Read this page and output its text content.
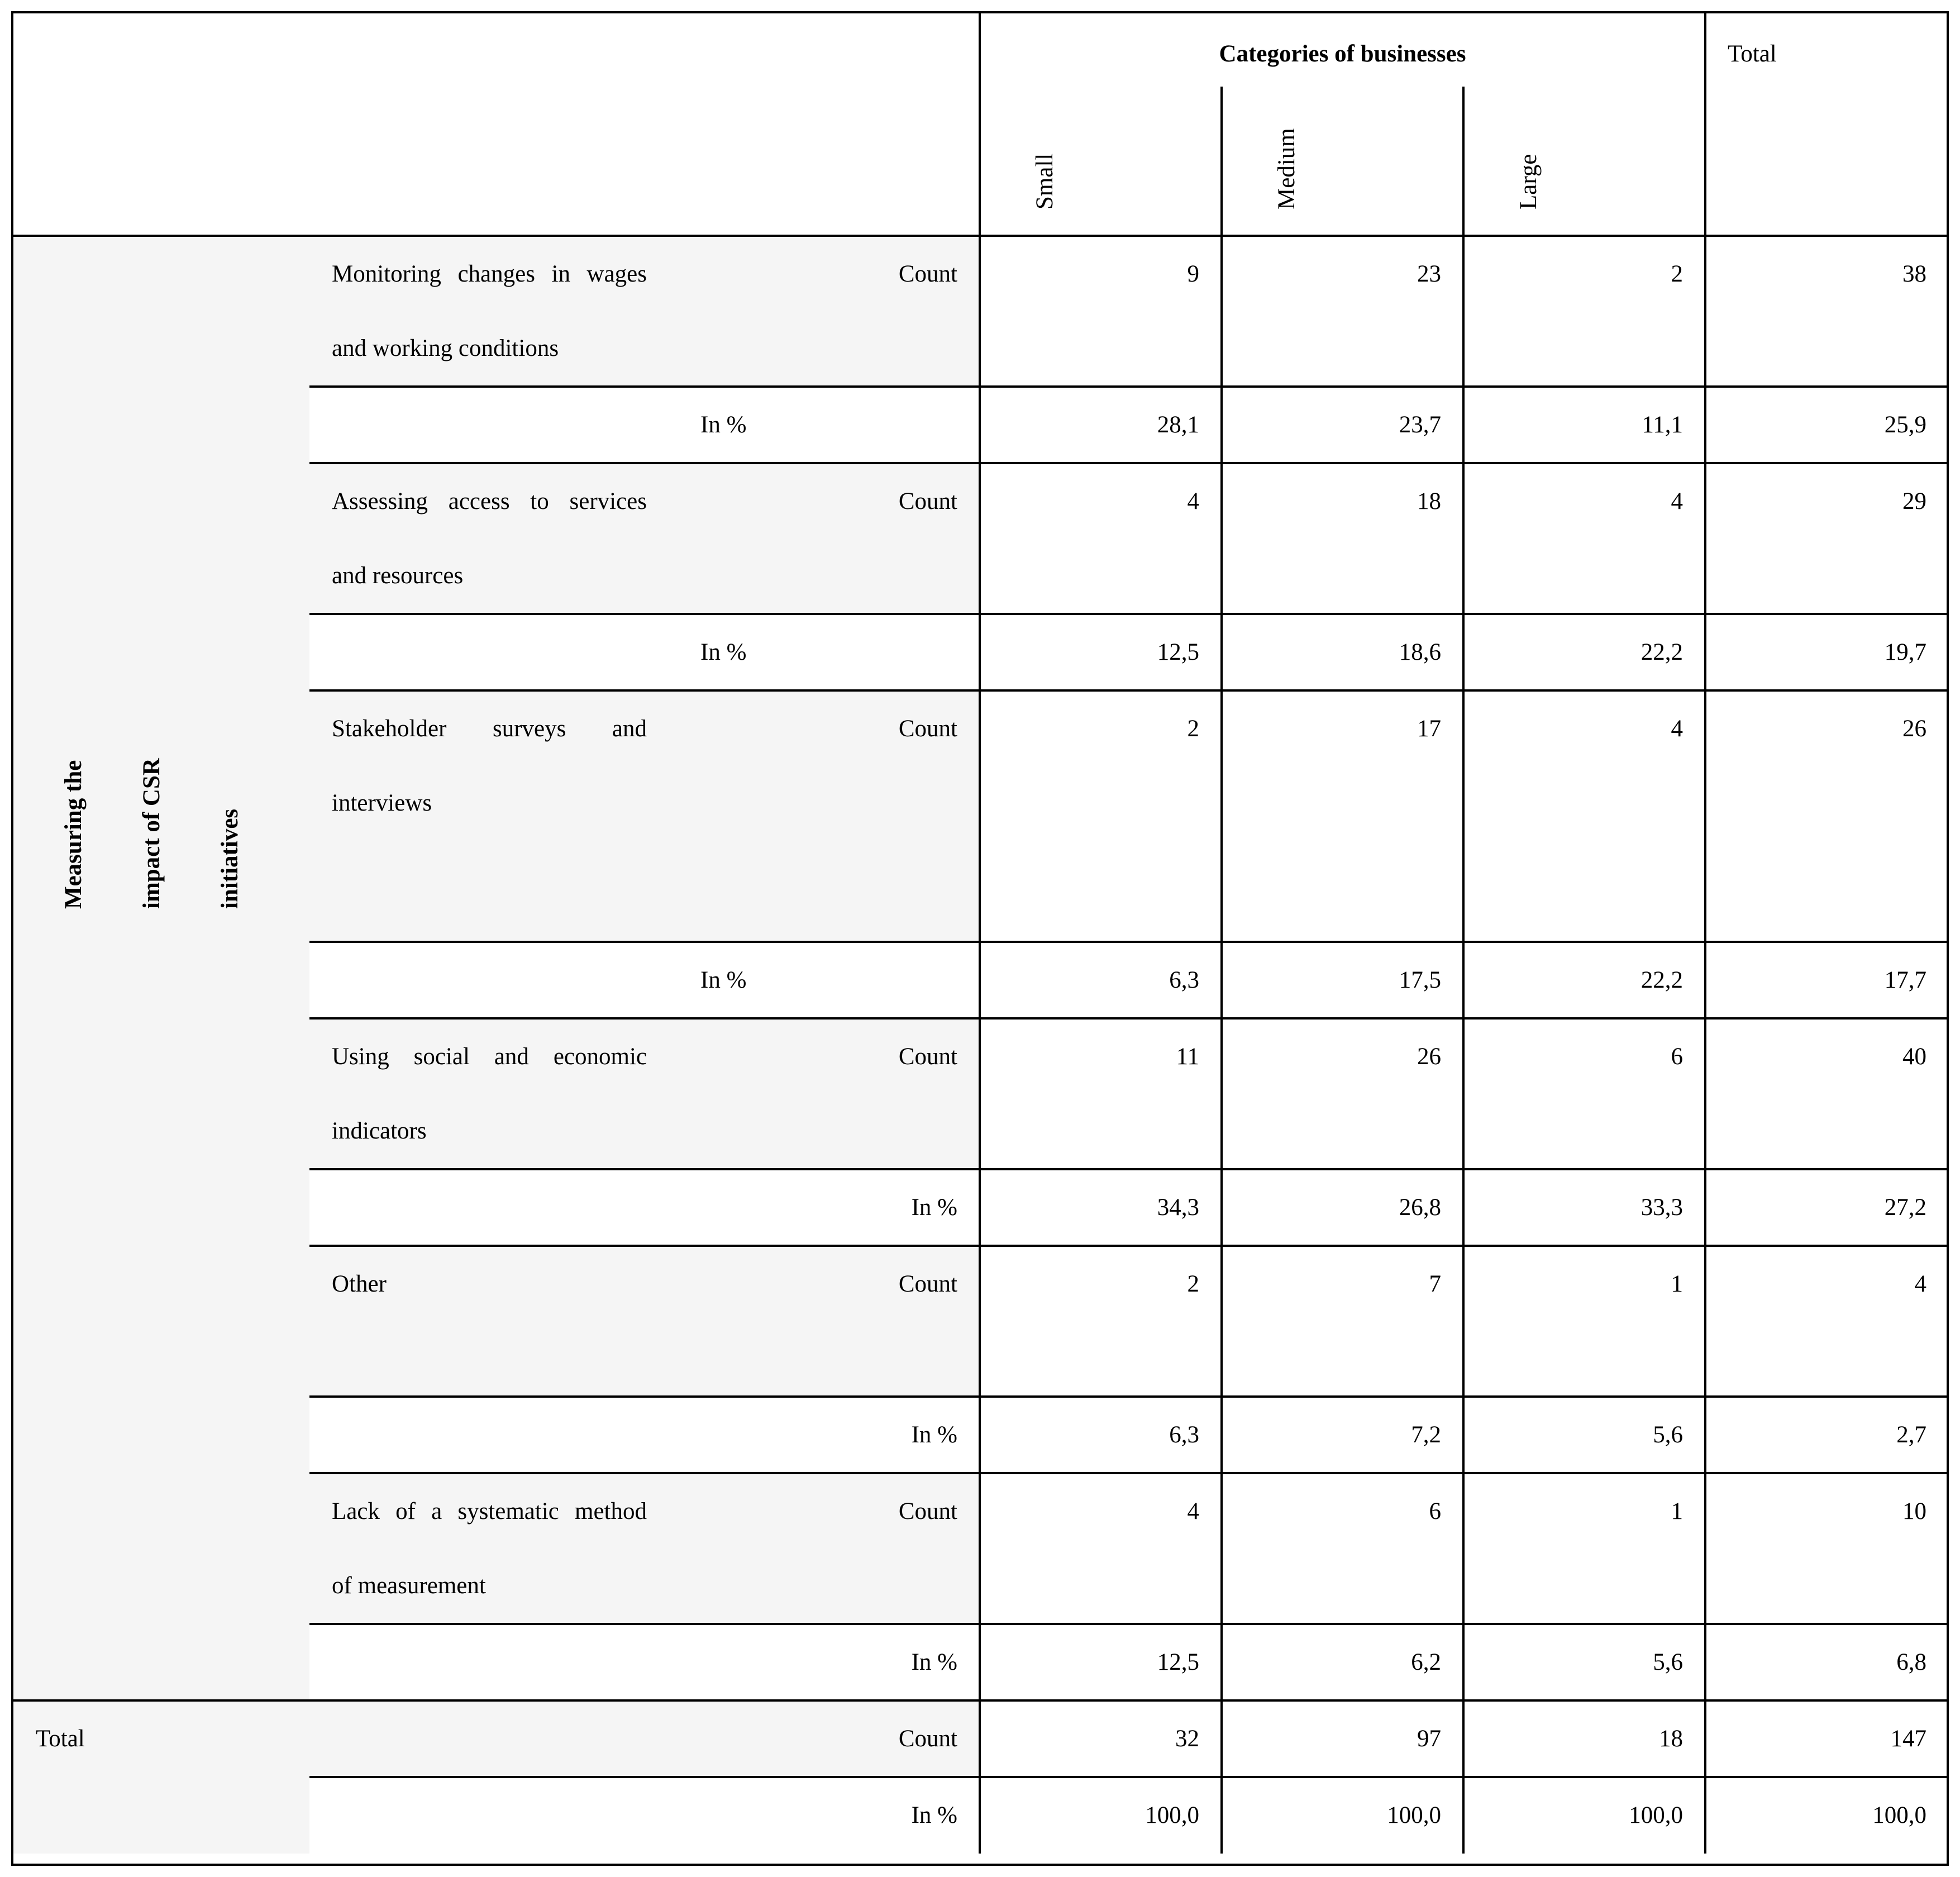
Categories of businesses	Total
Small	Medium	Large
Measuring the impact of CSR initiatives
Monitoring changes in wages
and working conditions
Count	9	23	2	38
In %	28,1	23,7	11,1	25,9
Assessing access to services
and resources
Count	4	18	4	29
In %	12,5	18,6	22,2	19,7
Stakeholder surveys and
interviews
Count	2	17	4	26
In %	6,3	17,5	22,2	17,7
Using social and economic
indicators
Count	11	26	6	40
In %	34,3	26,8	33,3	27,2
Other	Count	2	7	1	4
In %	6,3	7,2	5,6	2,7
Lack of a systematic method
of measurement
Count	4	6	1	10
In %	12,5	6,2	5,6	6,8
Total	Count	32	97	18	147
In %	100,0	100,0	100,0	100,0
